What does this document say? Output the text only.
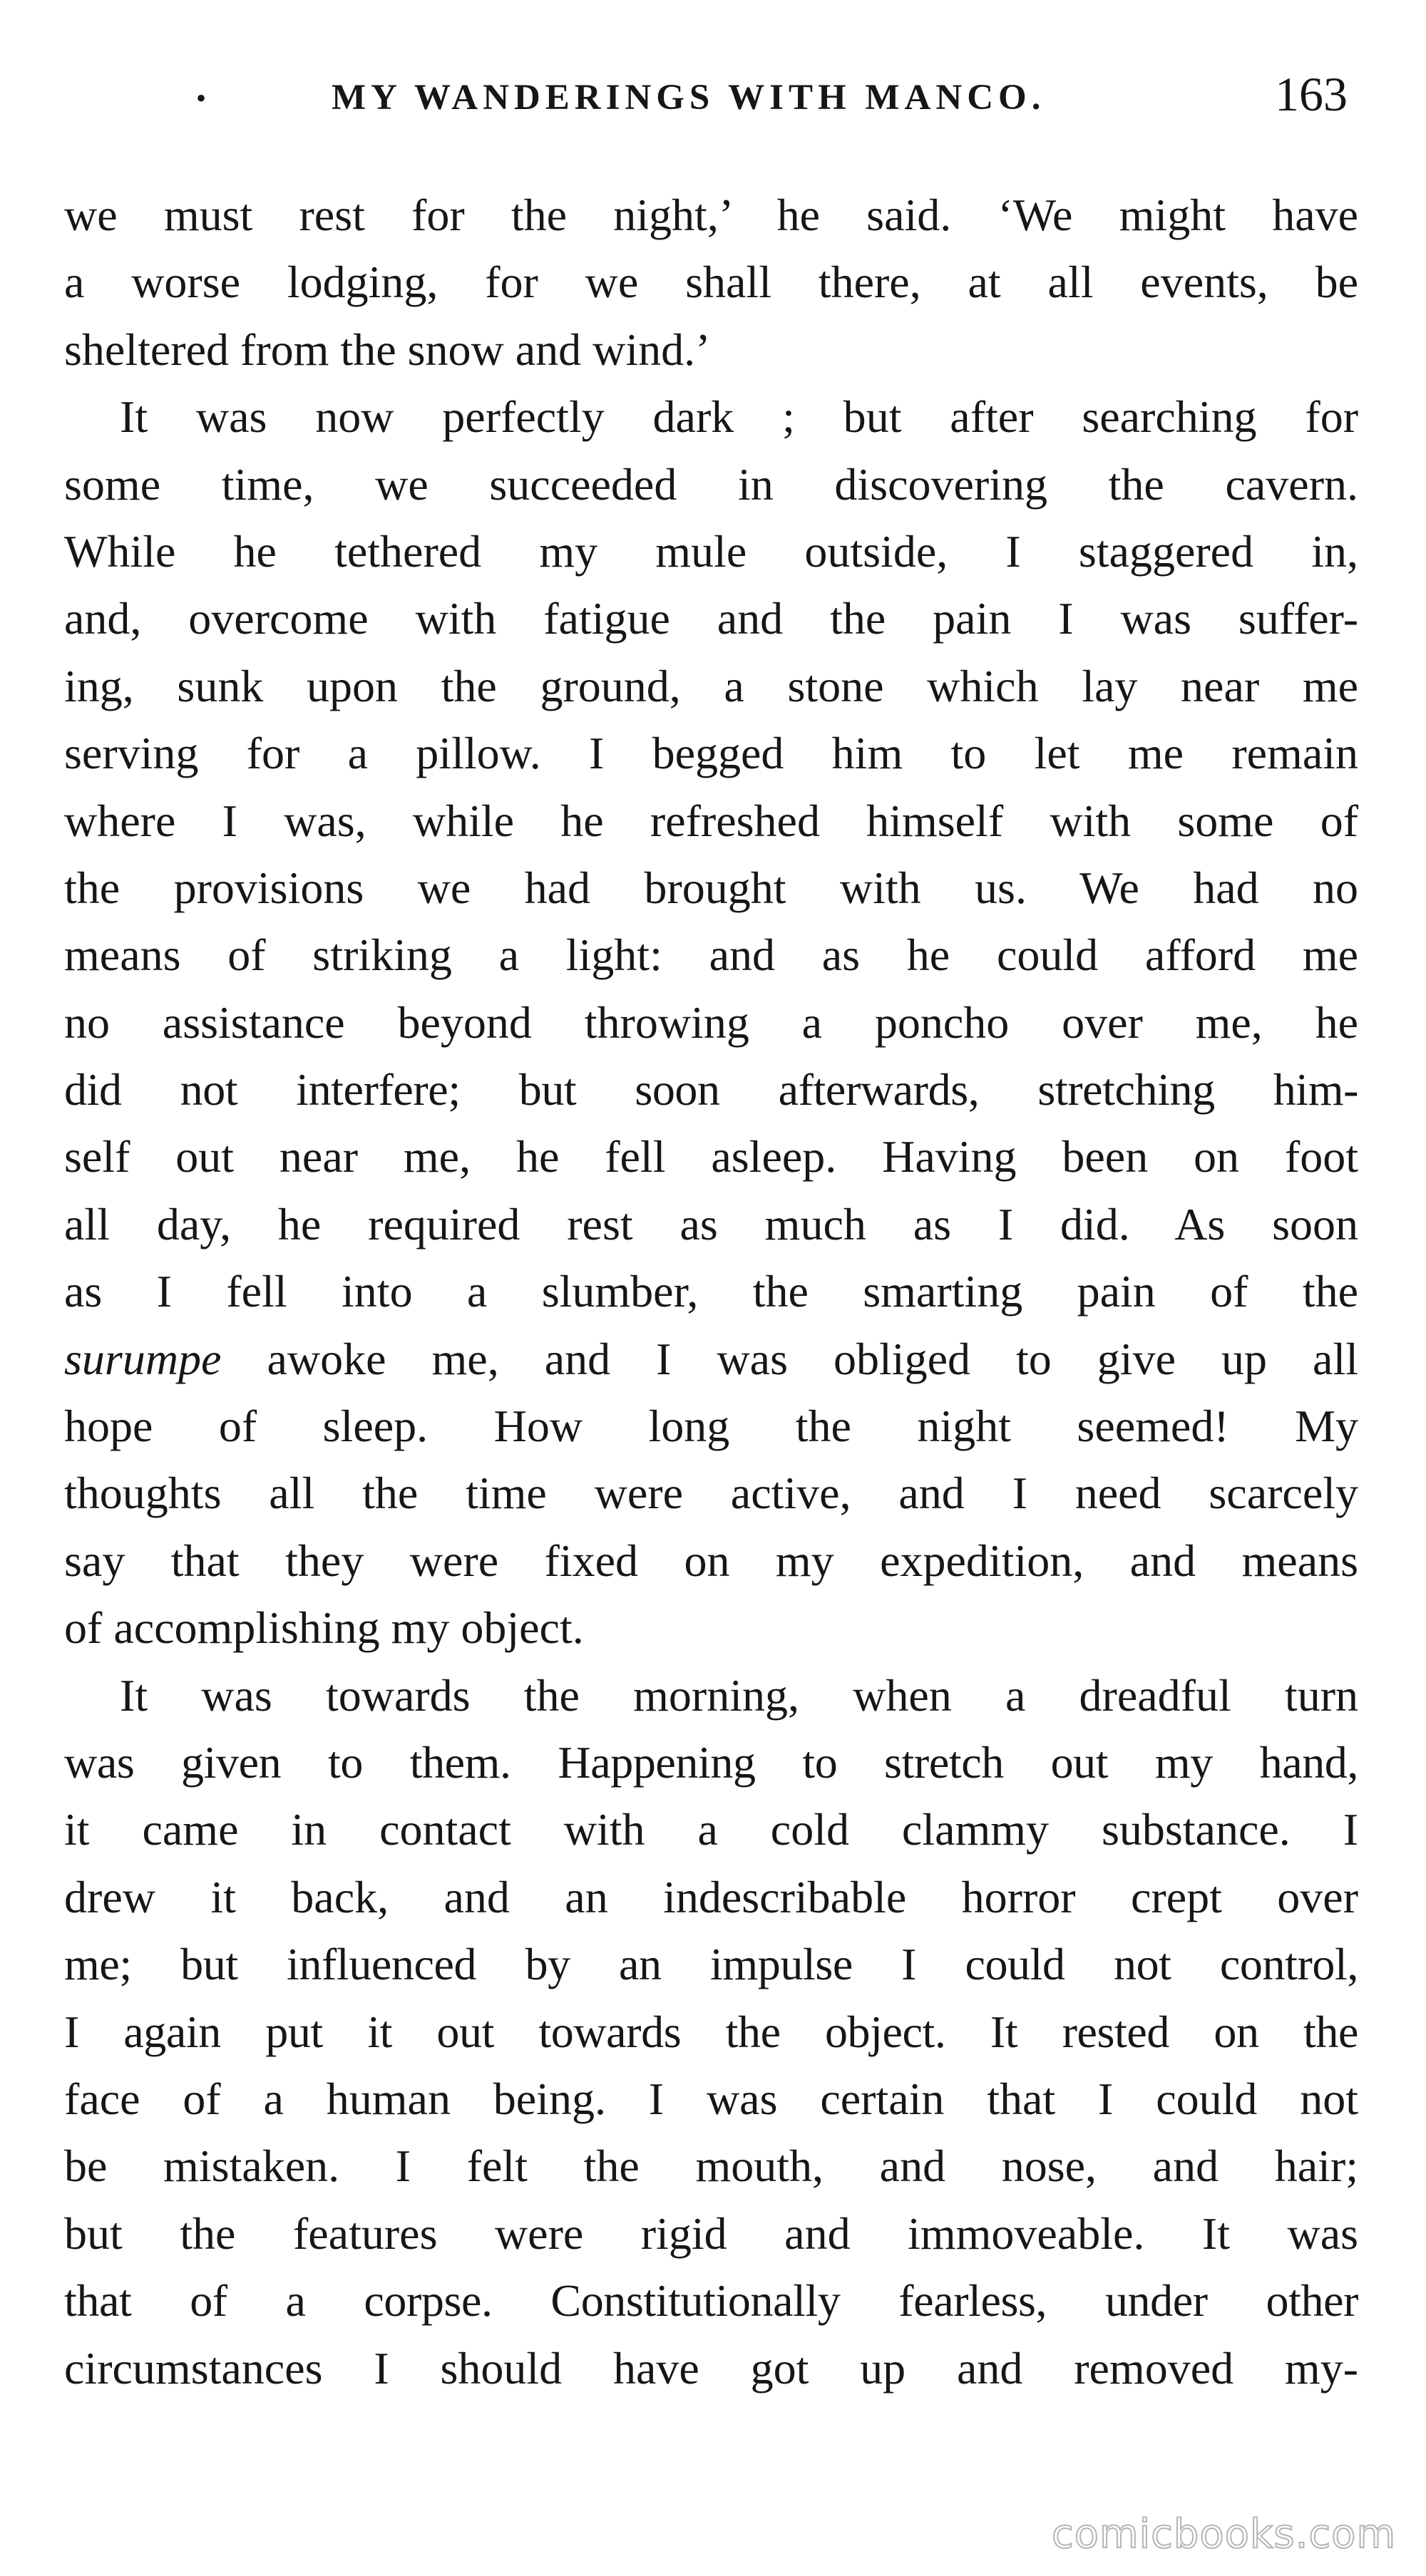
•	MY WANDERINGS WITH MANCO.	163
we must rest for the night,’ he said. ‘We might have
a worse lodging, for we shall there, at all events, be
sheltered from the snow and wind.’
It was now perfectly dark ; but after searching for
some time, we succeeded in discovering the cavern.
While he tethered my mule outside, I staggered in,
and, overcome with fatigue and the pain I was suffer-
ing, sunk upon the ground, a stone which lay near me
serving for a pillow. I begged him to let me remain
where I was, while he refreshed himself with some of
the provisions we had brought with us. We had no
means of striking a light: and as he could afford me
no assistance beyond throwing a poncho over me, he
did not interfere; but soon afterwards, stretching him-
self out near me, he fell asleep. Having been on foot
all day, he required rest as much as I did. As soon
as I fell into a slumber, the smarting pain of the
surumpe awoke me, and I was obliged to give up all
hope of sleep. How long the night seemed! My
thoughts all the time were active, and I need scarcely
say that they were fixed on my expedition, and means
of accomplishing my object.
It was towards the morning, when a dreadful turn
was given to them. Happening to stretch out my hand,
it came in contact with a cold clammy substance. I
drew it back, and an indescribable horror crept over
me; but influenced by an impulse I could not control,
I again put it out towards the object. It rested on the
face of a human being. I was certain that I could not
be mistaken. I felt the mouth, and nose, and hair;
but the features were rigid and immoveable. It was
that of a corpse. Constitutionally fearless, under other
circumstances I should have got up and removed my-
comicbooks.com
